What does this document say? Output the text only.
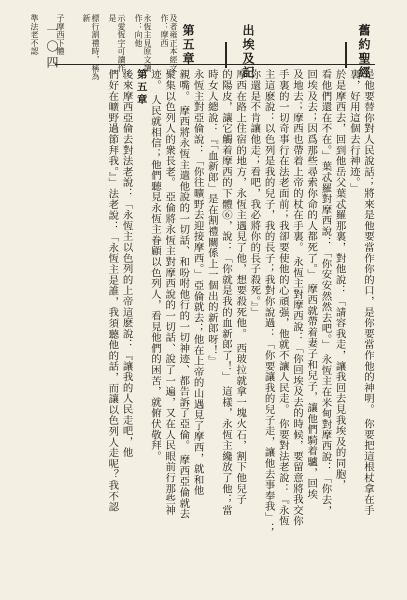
舊約聖經
出埃及記
第五章
一〇四
是他要替你對人民說話；將來是他要當作你的口，是你要當作他的神明。 你要把這根杖拿在手
裏，好用這個去行神迹。」
於是摩西去，回到他岳父葉忒羅那裏，對他說：「請容我走，讓我回去見我埃及的同胞，
看他們還在不在。」葉忒羅對摩西說：「你安安然然去吧。」 永恆主在米甸對摩西說：「你去，
回埃及去；因爲那些尋索你命的人都死了。」 摩西就帶着妻子和兒子，讓他們騎着驢，回埃
及地去；摩西也帶着上帝的杖在手裏。 永恆主對摩西說：「你回埃及去的時候，要留意將我交你
手裏的一切奇事行在法老面前；我卻要使他的心頑强，他就不讓人民走。 你要對法老說：『永恆
主這麽說：以色列是我的兒子，我的長子；我對你說過：「你要讓我的兒子走，讓他去事奉我」；
你還是不肯讓他走；看吧，我必將你的長子殺死。』」
摩西在路上住宿的地方，永恆主遇見了他，想要殺死他。 西玻拉就拿一塊火石，割下他兒子
的陽皮，讓它觸着摩西的下體⑥，說：「你就是我的血新郎了！」 這樣，永恆主纔放了他；當
時女人總說：『「血新郎」是在割禮關係上一個出的新郎呀！』
永恆主對亞倫說：「你往曠野去迎接摩西。」亞倫就去；他在上帝的山遇見了摩西，就和他
親嘴。 摩西將永恆主遣他說的一切話、和吩咐他行的一切神迹、都告訴了亞倫。 摩西亞倫就去
聚集以色列人的衆長老。 亞倫將永恆主對摩西說的一切話、說了一遍，又在人民眼前行那些神
迹。 人民就相信；他們聽見永恆主眷顧以色列人，看見他們的困苦，就俯伏敬拜。
第五章
後來摩西亞倫去對法老說：「永恆主以色列的上帝這麽說：『讓我的人民走吧，他
們好在曠野過節拜我。』」法老說：「永恆主是誰，我須聽他的話，而讓以色列人走呢？我不認
及者雍正本經文作：摩西
永恆主見原文讀作：向他
示愛恆字可讀作：是
標行割禮時，稱為新
子摩西下體
準法老不認
